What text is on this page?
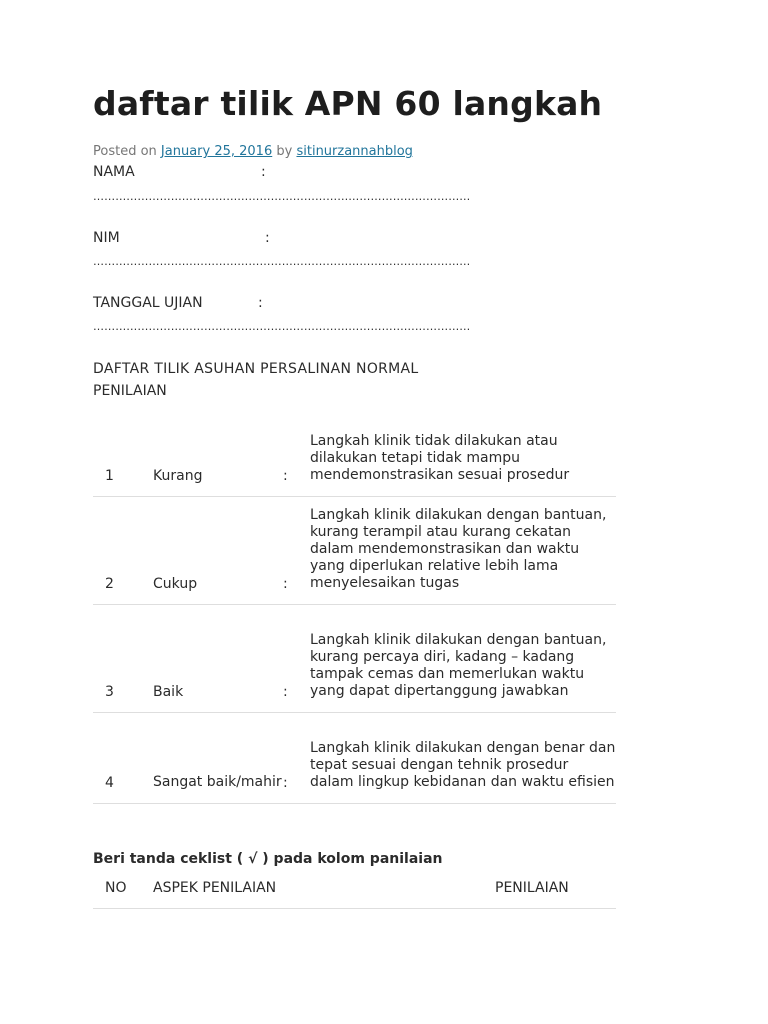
daftar tilik APN 60 langkah
Posted on January 25, 2016 by sitinurzannahblog
NAMA	:
…………………………………………………………………………………………
NIM	:
…………………………………………………………………………………………
TANGGAL UJIAN	:
…………………………………………………………………………………………
DAFTAR TILIK ASUHAN PERSALINAN NORMAL
PENILAIAN
1	Kurang	:	Langkah klinik tidak dilakukan atau dilakukan tetapi tidak mampu mendemonstrasikan sesuai prosedur
2	Cukup	:	Langkah klinik dilakukan dengan bantuan, kurang terampil atau kurang cekatan dalam mendemonstrasikan dan waktu yang diperlukan relative lebih lama menyelesaikan tugas
3	Baik	:	Langkah klinik dilakukan dengan bantuan, kurang percaya diri, kadang – kadang tampak cemas dan memerlukan waktu yang dapat dipertanggung jawabkan
4	Sangat baik/mahir	:	Langkah klinik dilakukan dengan benar dan tepat sesuai dengan tehnik prosedur dalam lingkup kebidanan dan waktu efisien
Beri tanda ceklist ( √ ) pada kolom panilaian
NO ASPEK PENILAIAN	PENILAIAN
